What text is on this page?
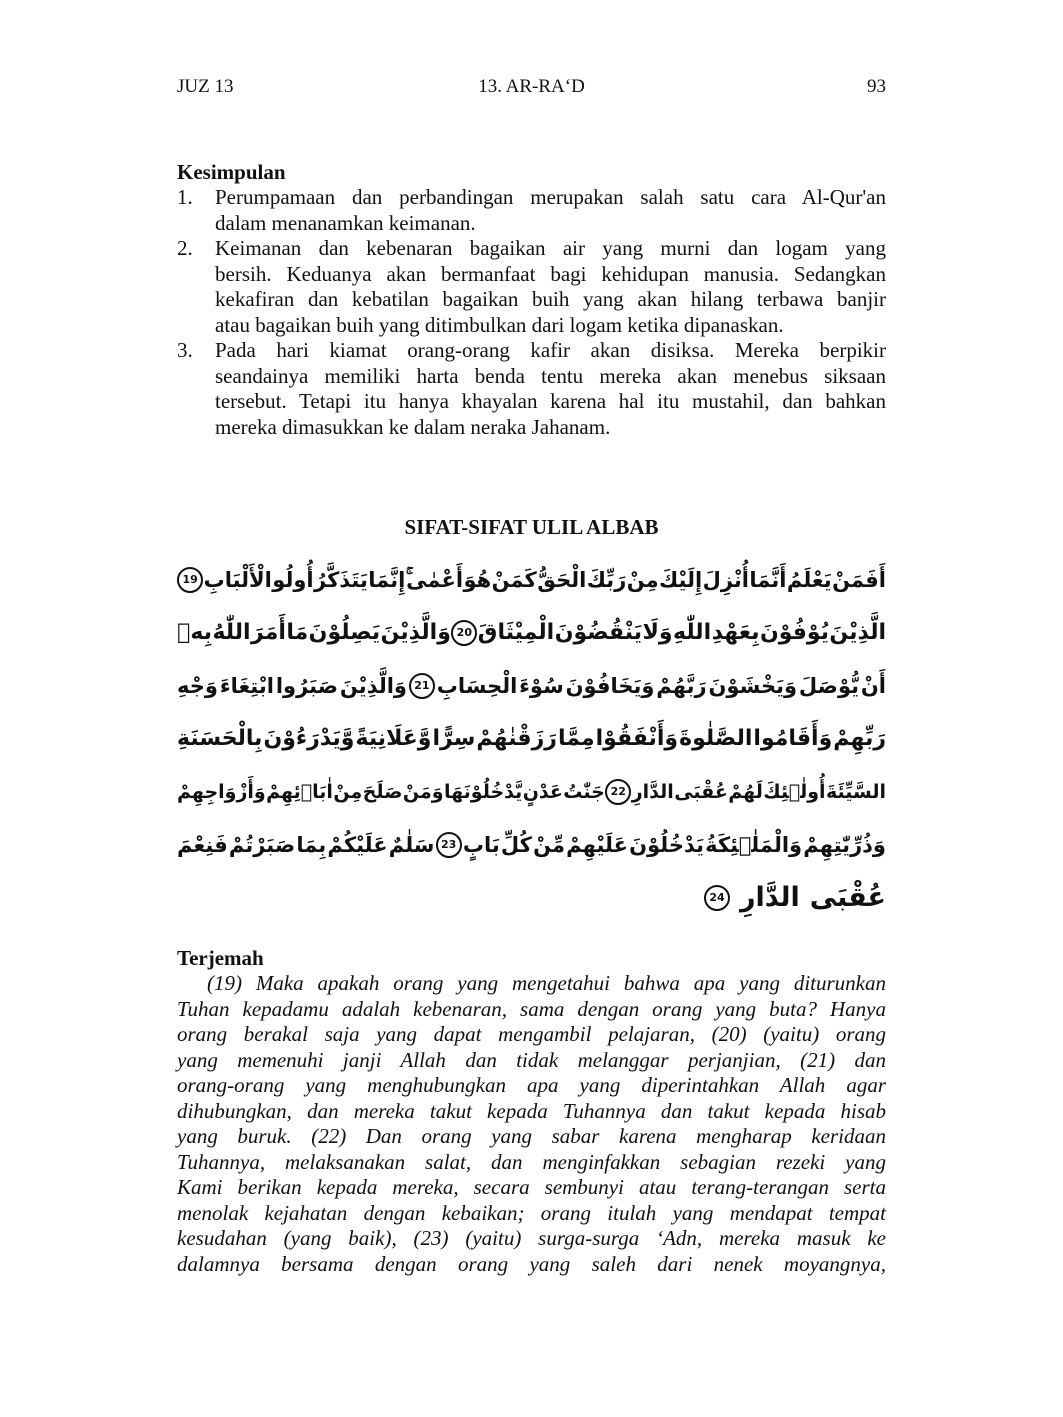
JUZ 13	13. AR-RA‘D	93
Kesimpulan
1.	Perumpamaan dan perbandingan merupakan salah satu cara Al-Qur'an
dalam menanamkan keimanan.
2.	Keimanan dan kebenaran bagaikan air yang murni dan logam yang
bersih. Keduanya akan bermanfaat bagi kehidupan manusia. Sedangkan
kekafiran dan kebatilan bagaikan buih yang akan hilang terbawa banjir
atau bagaikan buih yang ditimbulkan dari logam ketika dipanaskan.
3.	Pada hari kiamat orang-orang kafir akan disiksa. Mereka berpikir
seandainya memiliki harta benda tentu mereka akan menebus siksaan
tersebut. Tetapi itu hanya khayalan karena hal itu mustahil, dan bahkan
mereka dimasukkan ke dalam neraka Jahanam.
SIFAT-SIFAT ULIL ALBAB
أَفَمَنْ
يَعْلَمُ
أَنَّمَا
أُنْزِلَ
إِلَيْكَ
مِنْ
رَبِّكَ
الْحَقُّ
كَمَنْ
هُوَ
أَعْمٰى
إِنَّمَا
يَتَذَكَّرُ
أُولُو
الْأَلْبَابِ
19
الَّذِيْنَ
يُوْفُوْنَ
بِعَهْدِ
اللّٰهِ
وَلَا
يَنْقُضُوْنَ
الْمِيْثَاقَ
20
وَالَّذِيْنَ
يَصِلُوْنَ
مَا
أَمَرَ
اللّٰهُ
بِهٖ
أَنْ
يُّوْصَلَ
وَيَخْشَوْنَ
رَبَّهُمْ
وَيَخَافُوْنَ
سُوْءَ
الْحِسَابِ
21
وَالَّذِيْنَ
صَبَرُوا
ابْتِغَاءَ
وَجْهِ
رَبِّهِمْ
وَأَقَامُوا
الصَّلٰوةَ
وَأَنْفَقُوْا
مِمَّا
رَزَقْنٰهُمْ
سِرًّا
وَّعَلَانِيَةً
وَّيَدْرَءُوْنَ
بِالْحَسَنَةِ
السَّيِّئَةَ
أُولٰۤئِكَ
لَهُمْ
عُقْبَى
الدَّارِ
22
جَنّٰتُ
عَدْنٍ
يَّدْخُلُوْنَهَا
وَمَنْ
صَلَحَ
مِنْ
اٰبَاۤئِهِمْ
وَأَزْوَاجِهِمْ
وَذُرِّيّٰتِهِمْ
وَالْمَلٰۤئِكَةُ
يَدْخُلُوْنَ
عَلَيْهِمْ
مِّنْ
كُلِّ
بَابٍ
23
سَلٰمٌ
عَلَيْكُمْ
بِمَا
صَبَرْتُمْ
فَنِعْمَ
عُقْبَى
الدَّارِ
24
Terjemah
(19) Maka apakah orang yang mengetahui bahwa apa yang diturunkan
Tuhan kepadamu adalah kebenaran, sama dengan orang yang buta? Hanya
orang berakal saja yang dapat mengambil pelajaran, (20) (yaitu) orang
yang memenuhi janji Allah dan tidak melanggar perjanjian, (21) dan
orang-orang yang menghubungkan apa yang diperintahkan Allah agar
dihubungkan, dan mereka takut kepada Tuhannya dan takut kepada hisab
yang buruk. (22) Dan orang yang sabar karena mengharap keridaan
Tuhannya, melaksanakan salat, dan menginfakkan sebagian rezeki yang
Kami berikan kepada mereka, secara sembunyi atau terang-terangan serta
menolak kejahatan dengan kebaikan; orang itulah yang mendapat tempat
kesudahan (yang baik), (23) (yaitu) surga-surga ‘Adn, mereka masuk ke
dalamnya bersama dengan orang yang saleh dari nenek moyangnya,
